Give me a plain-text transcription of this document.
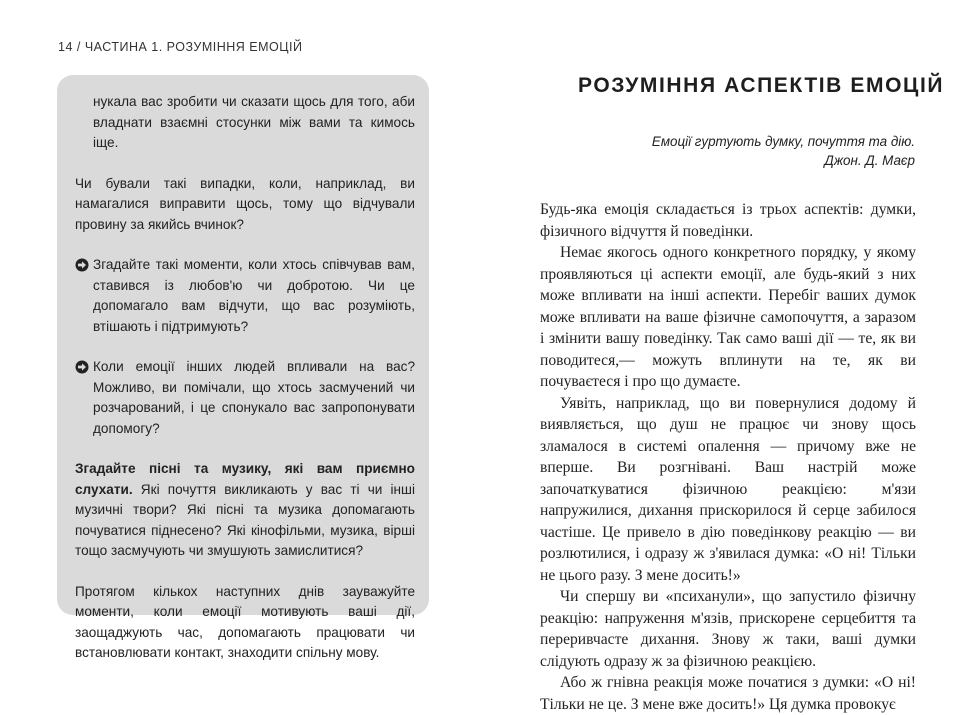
14 / ЧАСТИНА 1. РОЗУМІННЯ ЕМОЦІЙ

нукала вас зробити чи сказати щось для того, аби владнати взаємні стосунки між вами та кимось іще.

Чи бували такі випадки, коли, наприклад, ви намагалися виправити щось, тому що відчували провину за якийсь вчинок?

Згадайте такі моменти, коли хтось співчував вам, ставився із любов'ю чи добротою. Чи це допомагало вам відчути, що вас розуміють, втішають і підтримують?
Коли емоції інших людей впливали на вас? Можливо, ви помічали, що хтось засмучений чи розчарований, і це спонукало вас запропонувати допомогу?

Згадайте пісні та музику, які вам приємно слухати. Які почуття викликають у вас ті чи інші музичні твори? Які пісні та музика допомагають почуватися піднесено? Які кінофільми, музика, вірші тощо засмучують чи змушують замислитися?

Протягом кількох наступних днів зауважуйте моменти, коли емоції мотивують ваші дії, заощаджують час, допомагають працювати чи встановлювати контакт, знаходити спільну мову.

РОЗУМІННЯ АСПЕКТІВ ЕМОЦІЙ
Емоції гуртують думку, почуття та дію.
Джон. Д. Маєр

Будь-яка емоція складається із трьох аспектів: думки, фізичного відчуття й поведінки.

Немає якогось одного конкретного порядку, у якому проявляються ці аспекти емоції, але будь-який з них може впливати на інші аспекти. Перебіг ваших думок може впливати на ваше фізичне самопочуття, а заразом і змінити вашу поведінку. Так само ваші дії — те, як ви поводитеся,— можуть вплинути на те, як ви почуваєтеся і про що думаєте.

Уявіть, наприклад, що ви повернулися додому й виявляється, що душ не працює чи знову щось зламалося в системі опалення — причому вже не вперше. Ви розгнівані. Ваш настрій може започаткуватися фізичною реакцією: м'язи напружилися, дихання прискорилося й серце забилося частіше. Це привело в дію поведінкову реакцію — ви розлютилися, і одразу ж з'явилася думка: «О ні! Тільки не цього разу. З мене досить!»

Чи спершу ви «психанули», що запустило фізичну реакцію: напруження м'язів, прискорене серцебиття та переривчасте дихання. Знову ж таки, ваші думки слідують одразу ж за фізичною реакцією.

Або ж гнівна реакція може початися з думки: «О ні! Тільки не це. З мене вже досить!» Ця думка провокує
